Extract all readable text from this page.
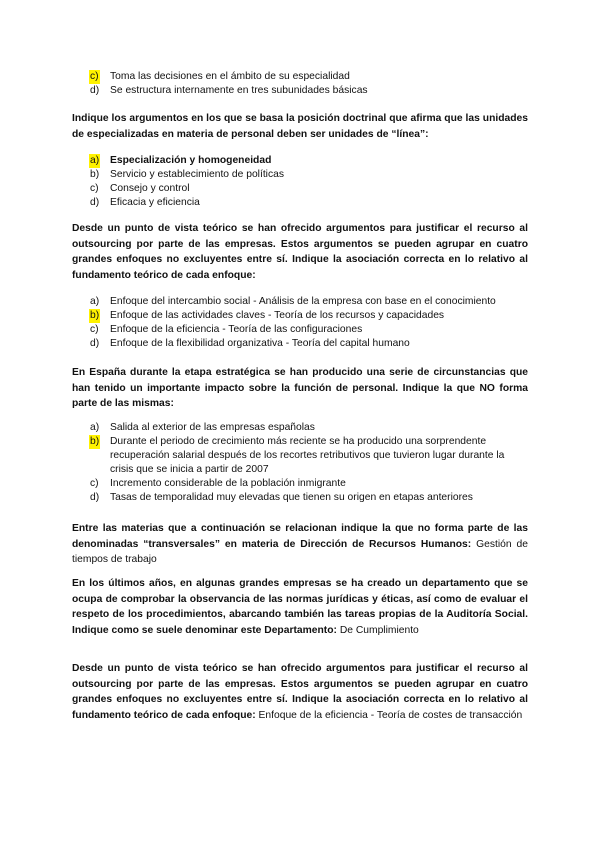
c) Toma las decisiones en el ámbito de su especialidad
d) Se estructura internamente en tres subunidades básicas
Indique los argumentos en los que se basa la posición doctrinal que afirma que las unidades de especializadas en materia de personal deben ser unidades de “línea”:
a) Especialización y homogeneidad
b) Servicio y establecimiento de políticas
c) Consejo y control
d) Eficacia y eficiencia
Desde un punto de vista teórico se han ofrecido argumentos para justificar el recurso al outsourcing por parte de las empresas. Estos argumentos se pueden agrupar en cuatro grandes enfoques no excluyentes entre sí. Indique la asociación correcta en lo relativo al fundamento teórico de cada enfoque:
a) Enfoque del intercambio social - Análisis de la empresa con base en el conocimiento
b) Enfoque de las actividades claves - Teoría de los recursos y capacidades
c) Enfoque de la eficiencia - Teoría de las configuraciones
d) Enfoque de la flexibilidad organizativa - Teoría del capital humano
En España durante la etapa estratégica se han producido una serie de circunstancias que han tenido un importante impacto sobre la función de personal. Indique la que NO forma parte de las mismas:
a) Salida al exterior de las empresas españolas
b) Durante el periodo de crecimiento más reciente se ha producido una sorprendente recuperación salarial después de los recortes retributivos que tuvieron lugar durante la crisis que se inicia a partir de 2007
c) Incremento considerable de la población inmigrante
d) Tasas de temporalidad muy elevadas que tienen su origen en etapas anteriores
Entre las materias que a continuación se relacionan indique la que no forma parte de las denominadas “transversales” en materia de Dirección de Recursos Humanos: Gestión de tiempos de trabajo
En los últimos años, en algunas grandes empresas se ha creado un departamento que se ocupa de comprobar la observancia de las normas jurídicas y éticas, así como de evaluar el respeto de los procedimientos, abarcando también las tareas propias de la Auditoría Social. Indique como se suele denominar este Departamento: De Cumplimiento
Desde un punto de vista teórico se han ofrecido argumentos para justificar el recurso al outsourcing por parte de las empresas. Estos argumentos se pueden agrupar en cuatro grandes enfoques no excluyentes entre sí. Indique la asociación correcta en lo relativo al fundamento teórico de cada enfoque: Enfoque de la eficiencia - Teoría de costes de transacción
